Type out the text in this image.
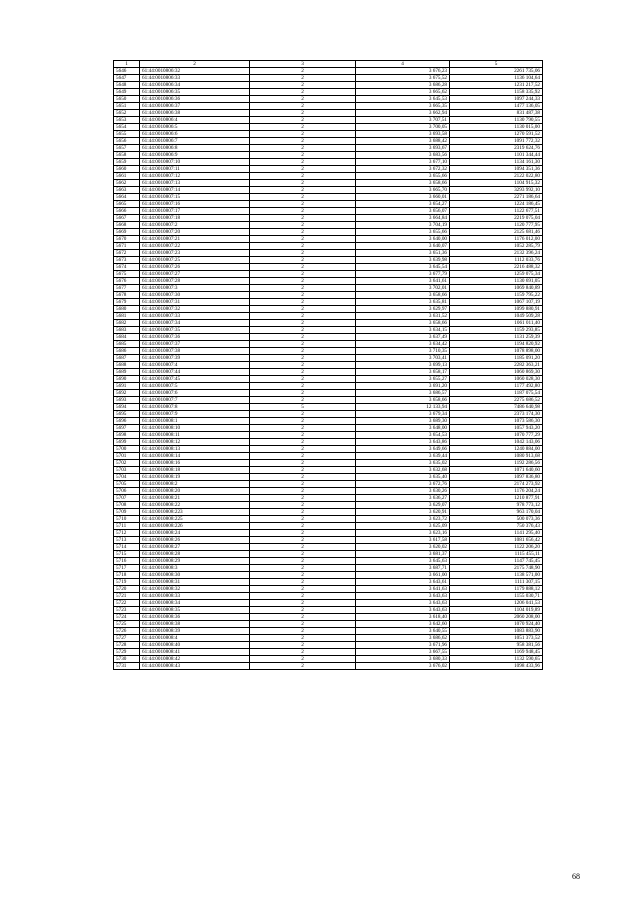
1	2	3	4	5
5646	61:44:0010806:32	2	3 676,23	2261 735,06
5647	61:44:0010806:33	2	3 675,52	1136 104,64
5648	61:44:0010806:34	2	3 686,28	1231 217,52
5649	61:44:0010806:35	2	3 665,62	1158 335,92
5650	61:44:0010806:36	2	3 645,53	1097 244,33
5651	61:44:0010806:37	2	3 665,35	1477 136,05
5652	61:44:0010806:38	2	3 662,94	831 487,38
5653	61:44:0010806:4	2	3 707,51	1130 790,55
5654	61:44:0010806:5	2	3 700,05	1130 015,00
5655	61:44:0010806:6	2	3 693,58	1270 591,52
5656	61:44:0010806:7	2	3 688,42	1091 772,32
5657	61:44:0010806:8	2	3 693,67	2319 624,76
5658	61:44:0010806:9	2	3 683,56	1101 344,44
5659	61:44:0010807:10	2	3 677,10	1134 161,30
5660	61:44:0010807:11	2	3 672,32	1094 351,36
5661	61:44:0010807:12	2	3 655,66	2122 022,80
5662	61:44:0010807:13	2	3 658,66	1104 915,32
5663	61:44:0010807:14	2	3 665,70	3293 992,10
5664	61:44:0010807:15	2	3 660,01	2271 186,64
5665	61:44:0010807:16	2	3 654,27	1224 186,45
5666	61:44:0010807:17	2	3 656,07	1122 677,51
5667	61:44:0010807:18	2	3 664,84	2219 075,04
5668	61:44:0010807:2	2	3 704,19	1120 777,95
5669	61:44:0010807:20	2	3 655,66	2125 681,46
5670	61:44:0010807:21	2	3 640,00	1176 012,00
5671	61:44:0010807:22	2	3 640,07	1052 285,79
5672	61:44:0010807:23	2	3 651,36	2132 396,24
5673	61:44:0010807:25	2	3 639,98	1112 033,76
5674	61:44:0010807:26	2	3 645,54	2216 488,32
5675	61:44:0010807:27	2	3 677,79	1259 075,34
5676	61:44:0010807:28	2	3 641,61	1130 691,05
5677	61:44:0010807:3	2	3 702,01	1069 840,89
5678	61:44:0010807:30	2	3 658,66	1159 795,22
5679	61:44:0010807:31	2	3 635,81	1067 107,19
5680	61:44:0010807:32	2	3 629,97	1099 880,91
5681	61:44:0010807:33	2	3 631,52	1049 509,28
5682	61:44:0010807:34	2	3 658,66	1061 011,40
5683	61:44:0010807:35	2	3 634,15	1159 293,85
5684	61:44:0010807:36	2	3 637,49	1131 259,39
5685	61:44:0010807:37	2	3 634,42	1194 820,92
5686	61:44:0010807:38	2	3 710,35	1078 898,00
5687	61:44:0010807:39	2	3 703,41	1185 091,20
5688	61:44:0010807:4	2	3 699,13	2282 363,21
5689	61:44:0010807:44	2	3 658,17	1060 869,30
5690	61:44:0010807:45	2	3 655,27	1060 028,30
5691	61:44:0010807:5	2	3 691,20	1177 492,80
5692	61:44:0010807:6	2	3 686,57	1187 075,54
5693	61:44:0010807:7	2	3 658,66	2275 686,52
5694	61:44:0010807:8	5	12 133,94	7486 640,98
5695	61:44:0010807:9	2	3 679,34	2373 174,30
5696	61:44:0010808:1	2	3 689,30	1073 586,30
5697	61:44:0010808:10	2	3 648,00	1057 943,20
5698	61:44:0010808:11	2	3 654,53	1070 777,29
5699	61:44:0010808:12	2	3 643,86	1042 143,06
5700	61:44:0010808:13	2	3 649,66	1240 884,00
5701	61:44:0010808:14	2	3 639,44	1080 913,68
5702	61:44:0010808:16	2	3 635,02	1192 286,56
5703	61:44:0010808:18	2	3 632,68	1071 640,60
5704	61:44:0010808:19	2	3 635,40	1097 836,80
5705	61:44:0010808:2	2	3 672,76	2174 273,92
5706	61:44:0010808:20	2	3 630,26	1176 204,24
5707	61:44:0010808:21	2	3 636,27	1210 877,91
5708	61:44:0010808:22	2	3 629,07	978 773,12
5709	61:44:0010808:223	2	3 620,91	963 170,04
5710	61:44:0010808:225	2	3 623,72	500 073,36
5711	61:44:0010808:226	2	3 625,09	750 376,43
5712	61:44:0010808:24	2	3 623,16	1141 295,40
5713	61:44:0010808:26	2	3 617,58	1081 656,42
5714	61:44:0010808:27	2	3 620,02	1122 206,20
5715	61:44:0010808:28	2	3 681,37	1115 455,11
5716	61:44:0010808:29	2	3 645,63	1147 745,45
5717	61:44:0010808:3	2	3 687,71	2175 748,90
5718	61:44:0010808:30	2	3 661,00	1138 571,00
5719	61:44:0010808:31	2	3 643,61	1111 307,15
5720	61:44:0010808:32	2	3 641,63	1179 888,12
5721	61:44:0010808:33	2	3 643,63	1155 030,71
5722	61:44:0010808:34	2	3 643,63	1206 041,53
5723	61:44:0010808:35	2	3 643,63	1104 019,89
5724	61:44:0010808:36	2	3 618,40	2060 208,00
5725	61:44:0010808:38	2	3 642,60	1070 924,40
5726	61:44:0010808:39	2	3 640,55	1083 883,90
5727	61:44:0010808:4	2	3 686,62	1051 373,52
5728	61:44:0010808:40	2	3 671,96	958 381,56
5729	61:44:0010808:41	2	3 667,55	1169 948,45
5730	61:44:0010808:42	2	3 680,33	1132 590,65
5731	61:44:0010808:43	2	3 676,02	1098 433,96
68
